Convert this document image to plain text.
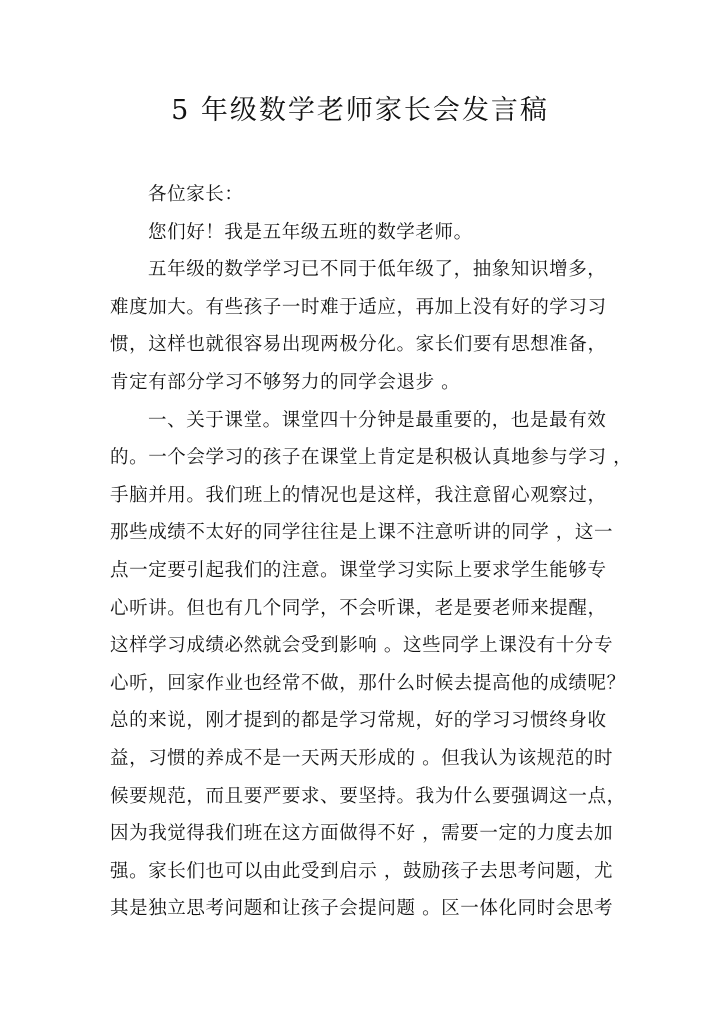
5 年级数学老师家长会发言稿
各位家长：
您们好！我是五年级五班的数学老师。
五年级的数学学习已不同于低年级了，抽象知识增多，
难度加大。有些孩子一时难于适应，再加上没有好的学习习
惯，这样也就很容易出现两极分化。家长们要有思想准备，
肯定有部分学习不够努力的同学会退步 。
一、关于课堂。课堂四十分钟是最重要的，也是最有效
的。一个会学习的孩子在课堂上肯定是积极认真地参与学习 ，
手脑并用。我们班上的情况也是这样，我注意留心观察过，
那些成绩不太好的同学往往是上课不注意听讲的同学 ，这一
点一定要引起我们的注意。课堂学习实际上要求学生能够专
心听讲。但也有几个同学，不会听课，老是要老师来提醒，
这样学习成绩必然就会受到影响 。这些同学上课没有十分专
心听，回家作业也经常不做，那什么时候去提高他的成绩呢？
总的来说，刚才提到的都是学习常规，好的学习习惯终身收
益，习惯的养成不是一天两天形成的 。但我认为该规范的时
候要规范，而且要严要求、要坚持。我为什么要强调这一点，
因为我觉得我们班在这方面做得不好 ，需要一定的力度去加
强。家长们也可以由此受到启示 ，鼓励孩子去思考问题，尤
其是独立思考问题和让孩子会提问题 。区一体化同时会思考
